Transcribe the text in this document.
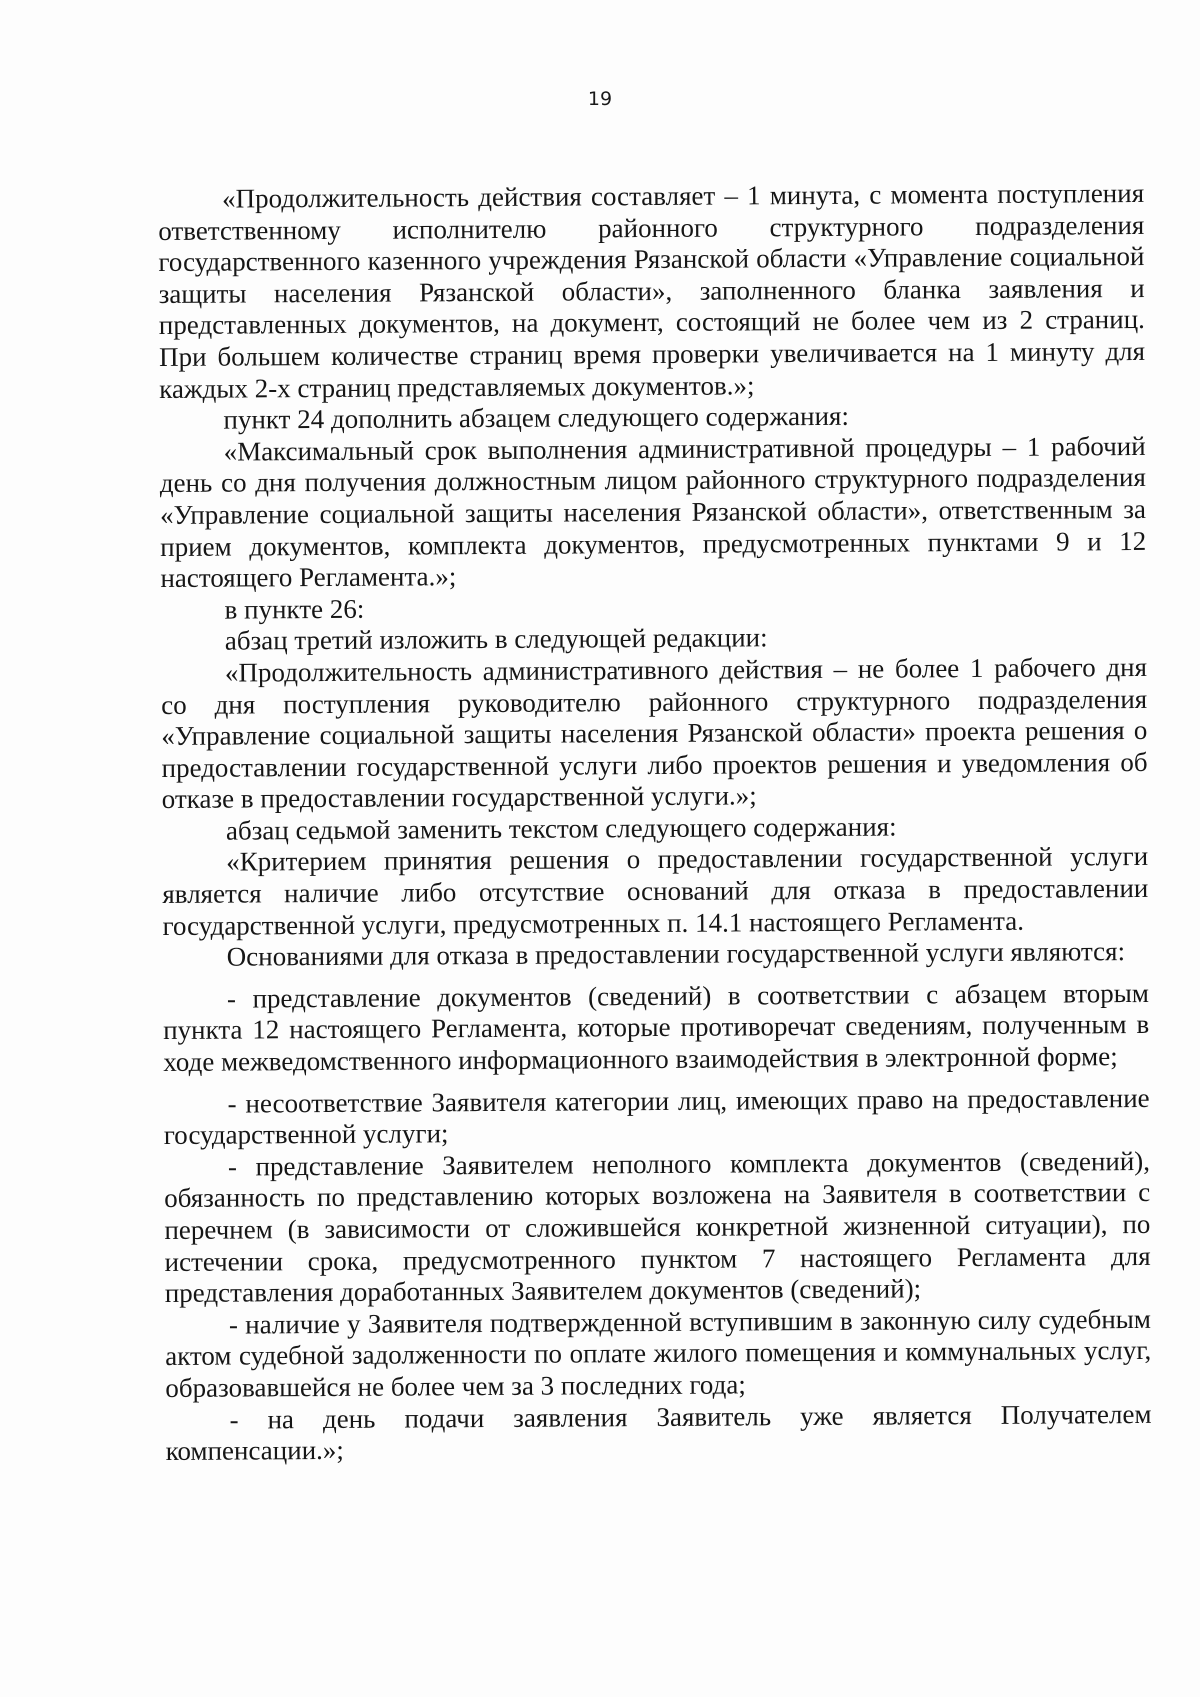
19

«Продолжительность действия составляет – 1 минута, с момента поступления ответственному исполнителю районного структурного подразделения государственного казенного учреждения Рязанской области «Управление социальной защиты населения Рязанской области», заполненного бланка заявления и представленных документов, на документ, состоящий не более чем из 2 страниц. При большем количестве страниц время проверки увеличивается на 1 минуту для каждых 2-х страниц представляемых документов.»;

пункт 24 дополнить абзацем следующего содержания:

«Максимальный срок выполнения административной процедуры – 1 рабочий день со дня получения должностным лицом районного структурного подразделения «Управление социальной защиты населения Рязанской области», ответственным за прием документов, комплекта документов, предусмотренных пунктами 9 и 12 настоящего Регламента.»;

в пункте 26:

абзац третий изложить в следующей редакции:

«Продолжительность административного действия – не более 1 рабочего дня со дня поступления руководителю районного структурного подразделения «Управление социальной защиты населения Рязанской области» проекта решения о предоставлении государственной услуги либо проектов решения и уведомления об отказе в предоставлении государственной услуги.»;

абзац седьмой заменить текстом следующего содержания:

«Критерием принятия решения о предоставлении государственной услуги является наличие либо отсутствие оснований для отказа в предоставлении государственной услуги, предусмотренных п. 14.1 настоящего Регламента.

Основаниями для отказа в предоставлении государственной услуги являются:

- представление документов (сведений) в соответствии с абзацем вторым пункта 12 настоящего Регламента, которые противоречат сведениям, полученным в ходе межведомственного информационного взаимодействия в электронной форме;

- несоответствие Заявителя категории лиц, имеющих право на предоставление государственной услуги;

- представление Заявителем неполного комплекта документов (сведений), обязанность по представлению которых возложена на Заявителя в соответствии с перечнем (в зависимости от сложившейся конкретной жизненной ситуации), по истечении срока, предусмотренного пунктом 7 настоящего Регламента для представления доработанных Заявителем документов (сведений);

- наличие у Заявителя подтвержденной вступившим в законную силу судебным актом судебной задолженности по оплате жилого помещения и коммунальных услуг, образовавшейся не более чем за 3 последних года;

- на день подачи заявления Заявитель уже является Получателем компенсации.»;
